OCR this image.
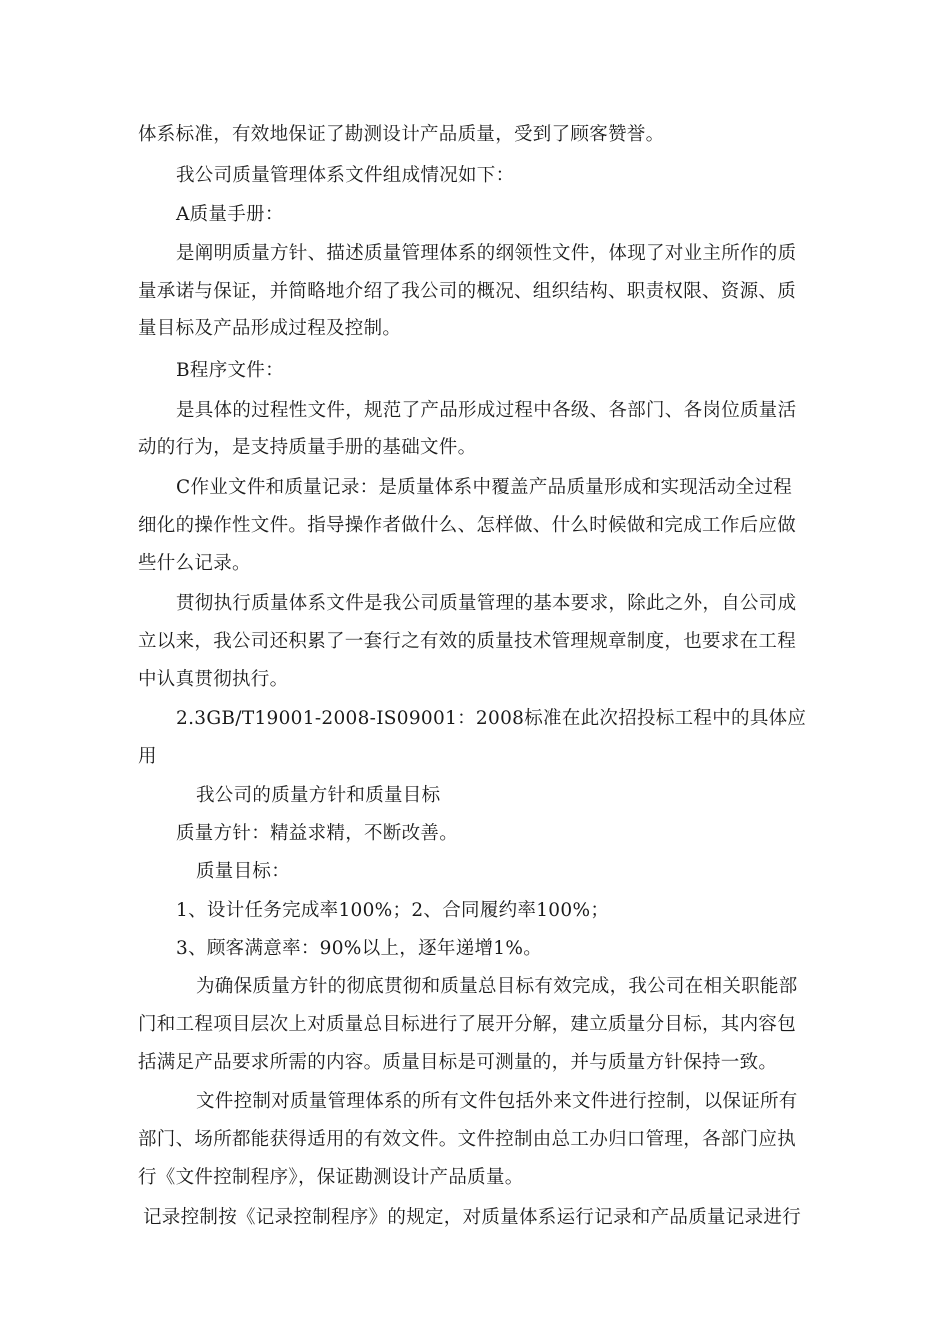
体系标准，有效地保证了勘测设计产品质量，受到了顾客赞誉。
我公司质量管理体系文件组成情况如下：
A质量手册：
是阐明质量方针、描述质量管理体系的纲领性文件，体现了对业主所作的质
量承诺与保证，并简略地介绍了我公司的概况、组织结构、职责权限、资源、质
量目标及产品形成过程及控制。
B程序文件：
是具体的过程性文件，规范了产品形成过程中各级、各部门、各岗位质量活
动的行为，是支持质量手册的基础文件。
C作业文件和质量记录：是质量体系中覆盖产品质量形成和实现活动全过程
细化的操作性文件。指导操作者做什么、怎样做、什么时候做和完成工作后应做
些什么记录。
贯彻执行质量体系文件是我公司质量管理的基本要求，除此之外，自公司成
立以来，我公司还积累了一套行之有效的质量技术管理规章制度，也要求在工程
中认真贯彻执行。
2.3GB/T19001-2008-IS09001：2008标准在此次招投标工程中的具体应
用
我公司的质量方针和质量目标
质量方针：精益求精，不断改善。
质量目标：
1、设计任务完成率100%；2、合同履约率100%；
3、顾客满意率：90%以上，逐年递增1%。
为确保质量方针的彻底贯彻和质量总目标有效完成，我公司在相关职能部
门和工程项目层次上对质量总目标进行了展开分解，建立质量分目标，其内容包
括满足产品要求所需的内容。质量目标是可测量的，并与质量方针保持一致。
文件控制对质量管理体系的所有文件包括外来文件进行控制，以保证所有
部门、场所都能获得适用的有效文件。文件控制由总工办归口管理，各部门应执
行《文件控制程序》，保证勘测设计产品质量。
记录控制按《记录控制程序》的规定，对质量体系运行记录和产品质量记录进行
